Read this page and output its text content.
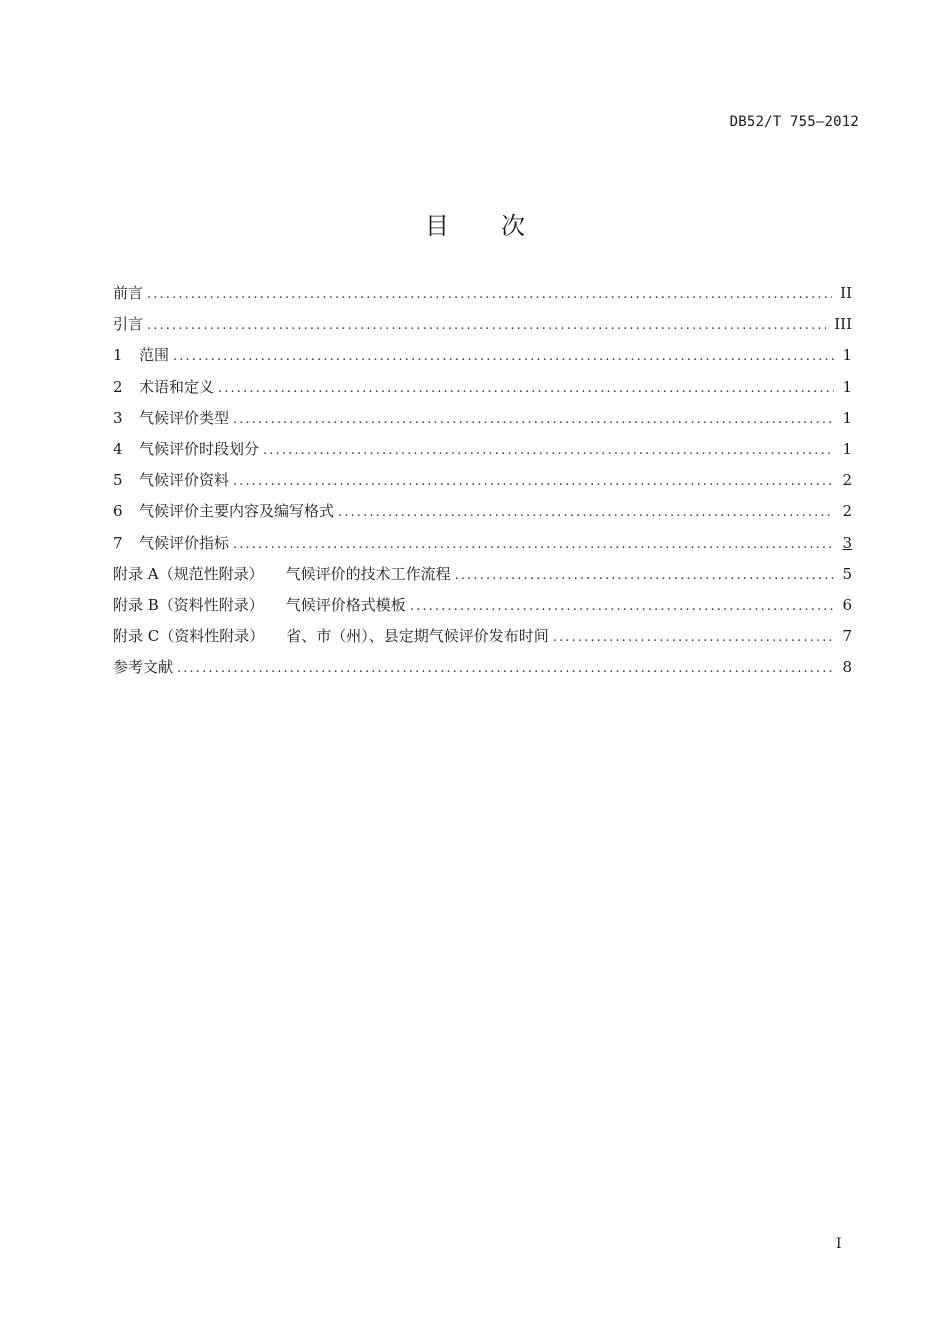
DB52/T 755—2012
目 次
前言 . . .	II
引言 . . .	III
1 范围 . . .	1
2 术语和定义 . . .	1
3 气候评价类型 . . .	1
4 气候评价时段划分 . . .	1
5 气候评价资料 . . .	2
6 气候评价主要内容及编写格式 . . .	2
7 气候评价指标 . . .	3
附录 A（规范性附录） 气候评价的技术工作流程 . . .	5
附录 B（资料性附录） 气候评价格式模板 . . .	6
附录 C（资料性附录） 省、市（州）、县定期气候评价发布时间 . . .	7
参考文献 . . .	8
I
